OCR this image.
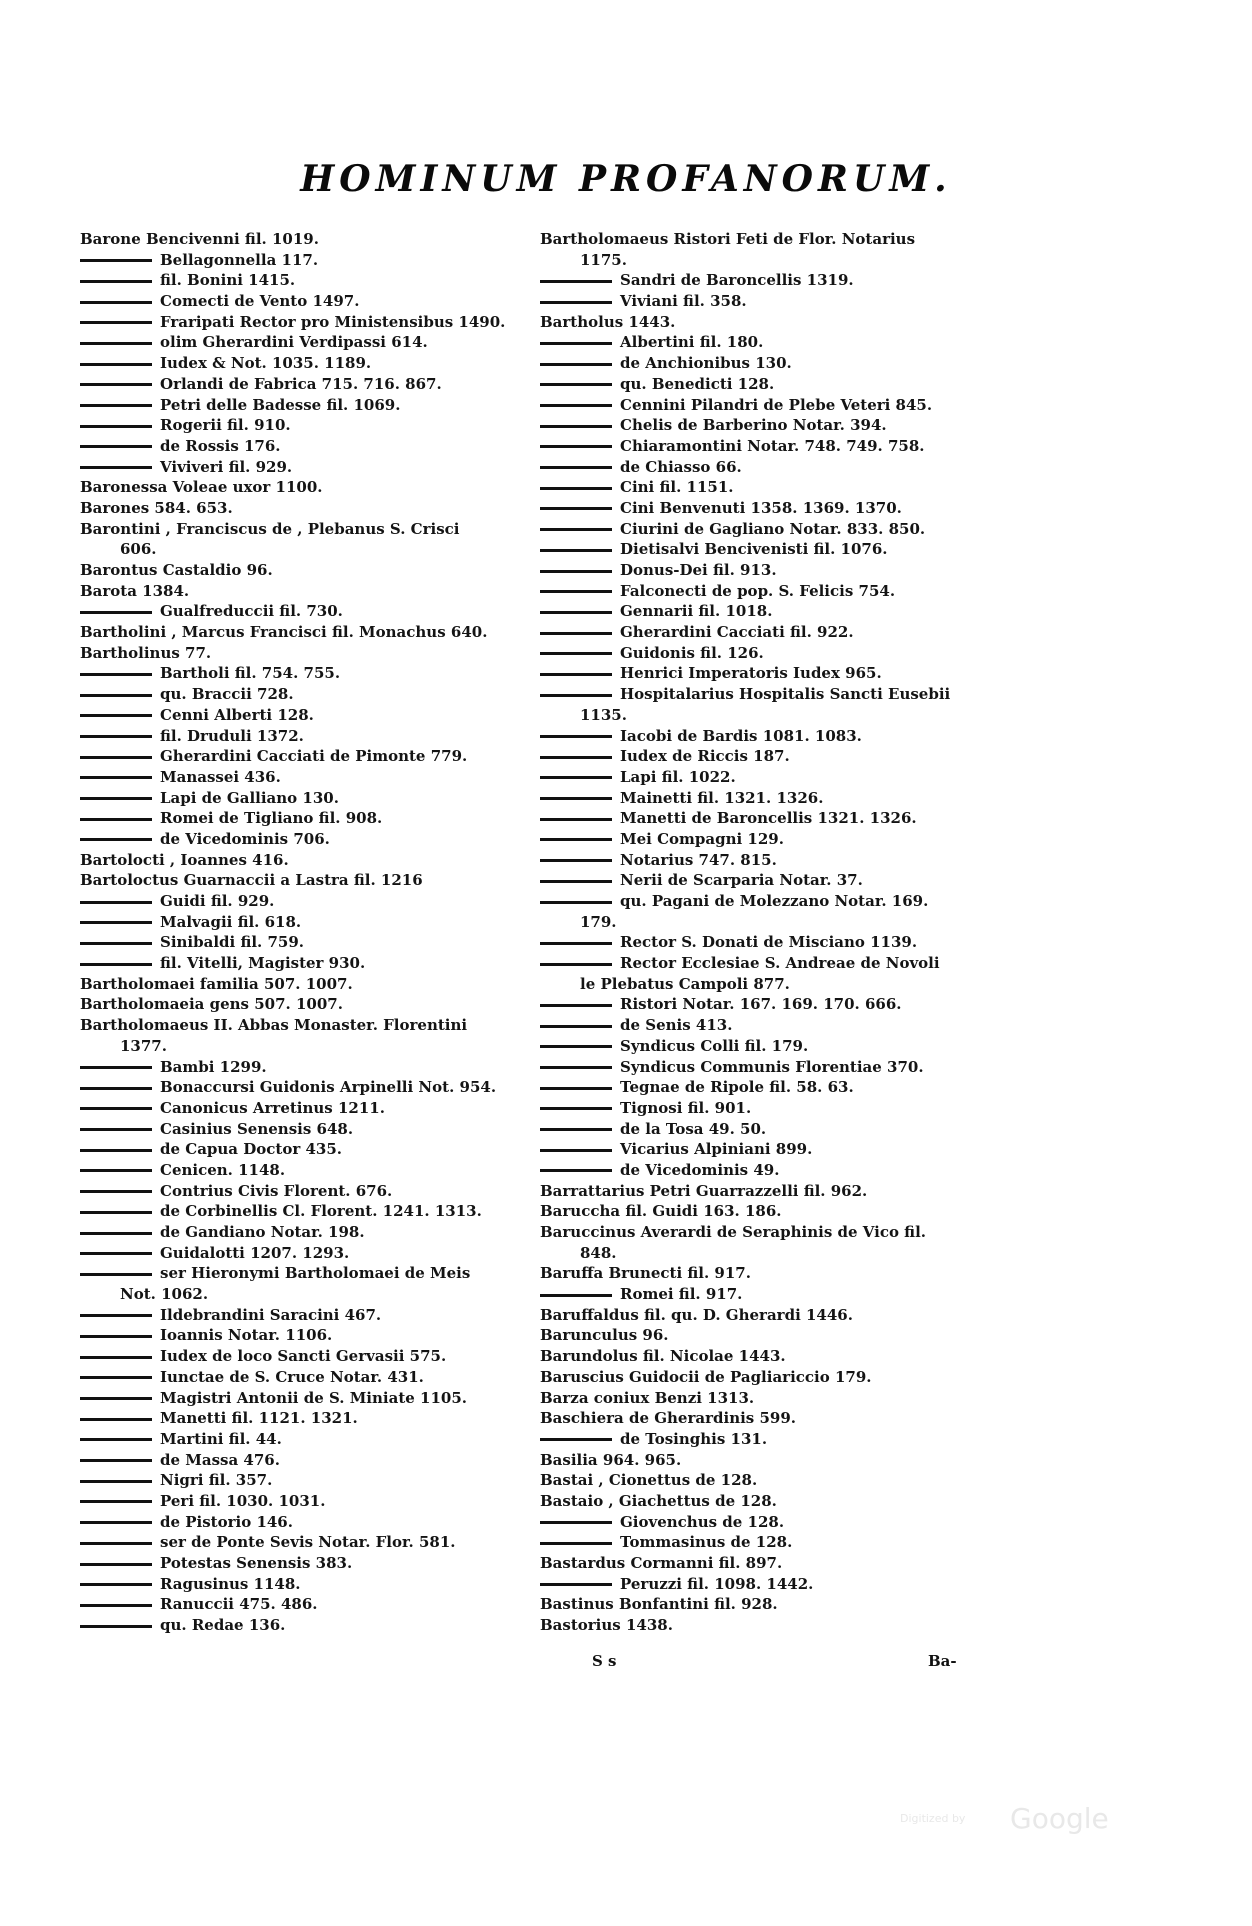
HOMINUM PROFANORUM.
Barone Bencivenni fil. 1019.
Bellagonnella 117.
fil. Bonini 1415.
Comecti de Vento 1497.
Fraripati Rector pro Ministensibus 1490.
olim Gherardini Verdipassi 614.
Iudex & Not. 1035. 1189.
Orlandi de Fabrica 715. 716. 867.
Petri delle Badesse fil. 1069.
Rogerii fil. 910.
de Rossis 176.
Viviveri fil. 929.
Baronessa Voleae uxor 1100.
Barones 584. 653.
Barontini , Franciscus de , Plebanus S. Crisci
606.
Barontus Castaldio 96.
Barota 1384.
Gualfreduccii fil. 730.
Bartholini , Marcus Francisci fil. Monachus 640.
Bartholinus 77.
Bartholi fil. 754. 755.
qu. Braccii 728.
Cenni Alberti 128.
fil. Druduli 1372.
Gherardini Cacciati de Pimonte 779.
Manassei 436.
Lapi de Galliano 130.
Romei de Tigliano fil. 908.
de Vicedominis 706.
Bartolocti , Ioannes 416.
Bartoloctus Guarnaccii a Lastra fil. 1216
Guidi fil. 929.
Malvagii fil. 618.
Sinibaldi fil. 759.
fil. Vitelli, Magister 930.
Bartholomaei familia 507. 1007.
Bartholomaeia gens 507. 1007.
Bartholomaeus II. Abbas Monaster. Florentini
1377.
Bambi 1299.
Bonaccursi Guidonis Arpinelli Not. 954.
Canonicus Arretinus 1211.
Casinius Senensis 648.
de Capua Doctor 435.
Cenicen. 1148.
Contrius Civis Florent. 676.
de Corbinellis Cl. Florent. 1241. 1313.
de Gandiano Notar. 198.
Guidalotti 1207. 1293.
ser Hieronymi Bartholomaei de Meis
Not. 1062.
Ildebrandini Saracini 467.
Ioannis Notar. 1106.
Iudex de loco Sancti Gervasii 575.
Iunctae de S. Cruce Notar. 431.
Magistri Antonii de S. Miniate 1105.
Manetti fil. 1121. 1321.
Martini fil. 44.
de Massa 476.
Nigri fil. 357.
Peri fil. 1030. 1031.
de Pistorio 146.
ser de Ponte Sevis Notar. Flor. 581.
Potestas Senensis 383.
Ragusinus 1148.
Ranuccii 475. 486.
qu. Redae 136.
Bartholomaeus Ristori Feti de Flor. Notarius
1175.
Sandri de Baroncellis 1319.
Viviani fil. 358.
Bartholus 1443.
Albertini fil. 180.
de Anchionibus 130.
qu. Benedicti 128.
Cennini Pilandri de Plebe Veteri 845.
Chelis de Barberino Notar. 394.
Chiaramontini Notar. 748. 749. 758.
de Chiasso 66.
Cini fil. 1151.
Cini Benvenuti 1358. 1369. 1370.
Ciurini de Gagliano Notar. 833. 850.
Dietisalvi Bencivenisti fil. 1076.
Donus-Dei fil. 913.
Falconecti de pop. S. Felicis 754.
Gennarii fil. 1018.
Gherardini Cacciati fil. 922.
Guidonis fil. 126.
Henrici Imperatoris Iudex 965.
Hospitalarius Hospitalis Sancti Eusebii
1135.
Iacobi de Bardis 1081. 1083.
Iudex de Riccis 187.
Lapi fil. 1022.
Mainetti fil. 1321. 1326.
Manetti de Baroncellis 1321. 1326.
Mei Compagni 129.
Notarius 747. 815.
Nerii de Scarparia Notar. 37.
qu. Pagani de Molezzano Notar. 169.
179.
Rector S. Donati de Misciano 1139.
Rector Ecclesiae S. Andreae de Novoli
le Plebatus Campoli 877.
Ristori Notar. 167. 169. 170. 666.
de Senis 413.
Syndicus Colli fil. 179.
Syndicus Communis Florentiae 370.
Tegnae de Ripole fil. 58. 63.
Tignosi fil. 901.
de la Tosa 49. 50.
Vicarius Alpiniani 899.
de Vicedominis 49.
Barrattarius Petri Guarrazzelli fil. 962.
Baruccha fil. Guidi 163. 186.
Baruccinus Averardi de Seraphinis de Vico fil.
848.
Baruffa Brunecti fil. 917.
Romei fil. 917.
Baruffaldus fil. qu. D. Gherardi 1446.
Barunculus 96.
Barundolus fil. Nicolae 1443.
Baruscius Guidocii de Pagliariccio 179.
Barza coniux Benzi 1313.
Baschiera de Gherardinis 599.
de Tosinghis 131.
Basilia 964. 965.
Bastai , Cionettus de 128.
Bastaio , Giachettus de 128.
Giovenchus de 128.
Tommasinus de 128.
Bastardus Cormanni fil. 897.
Peruzzi fil. 1098. 1442.
Bastinus Bonfantini fil. 928.
Bastorius 1438.
S s	Ba-
Digitized by Google
